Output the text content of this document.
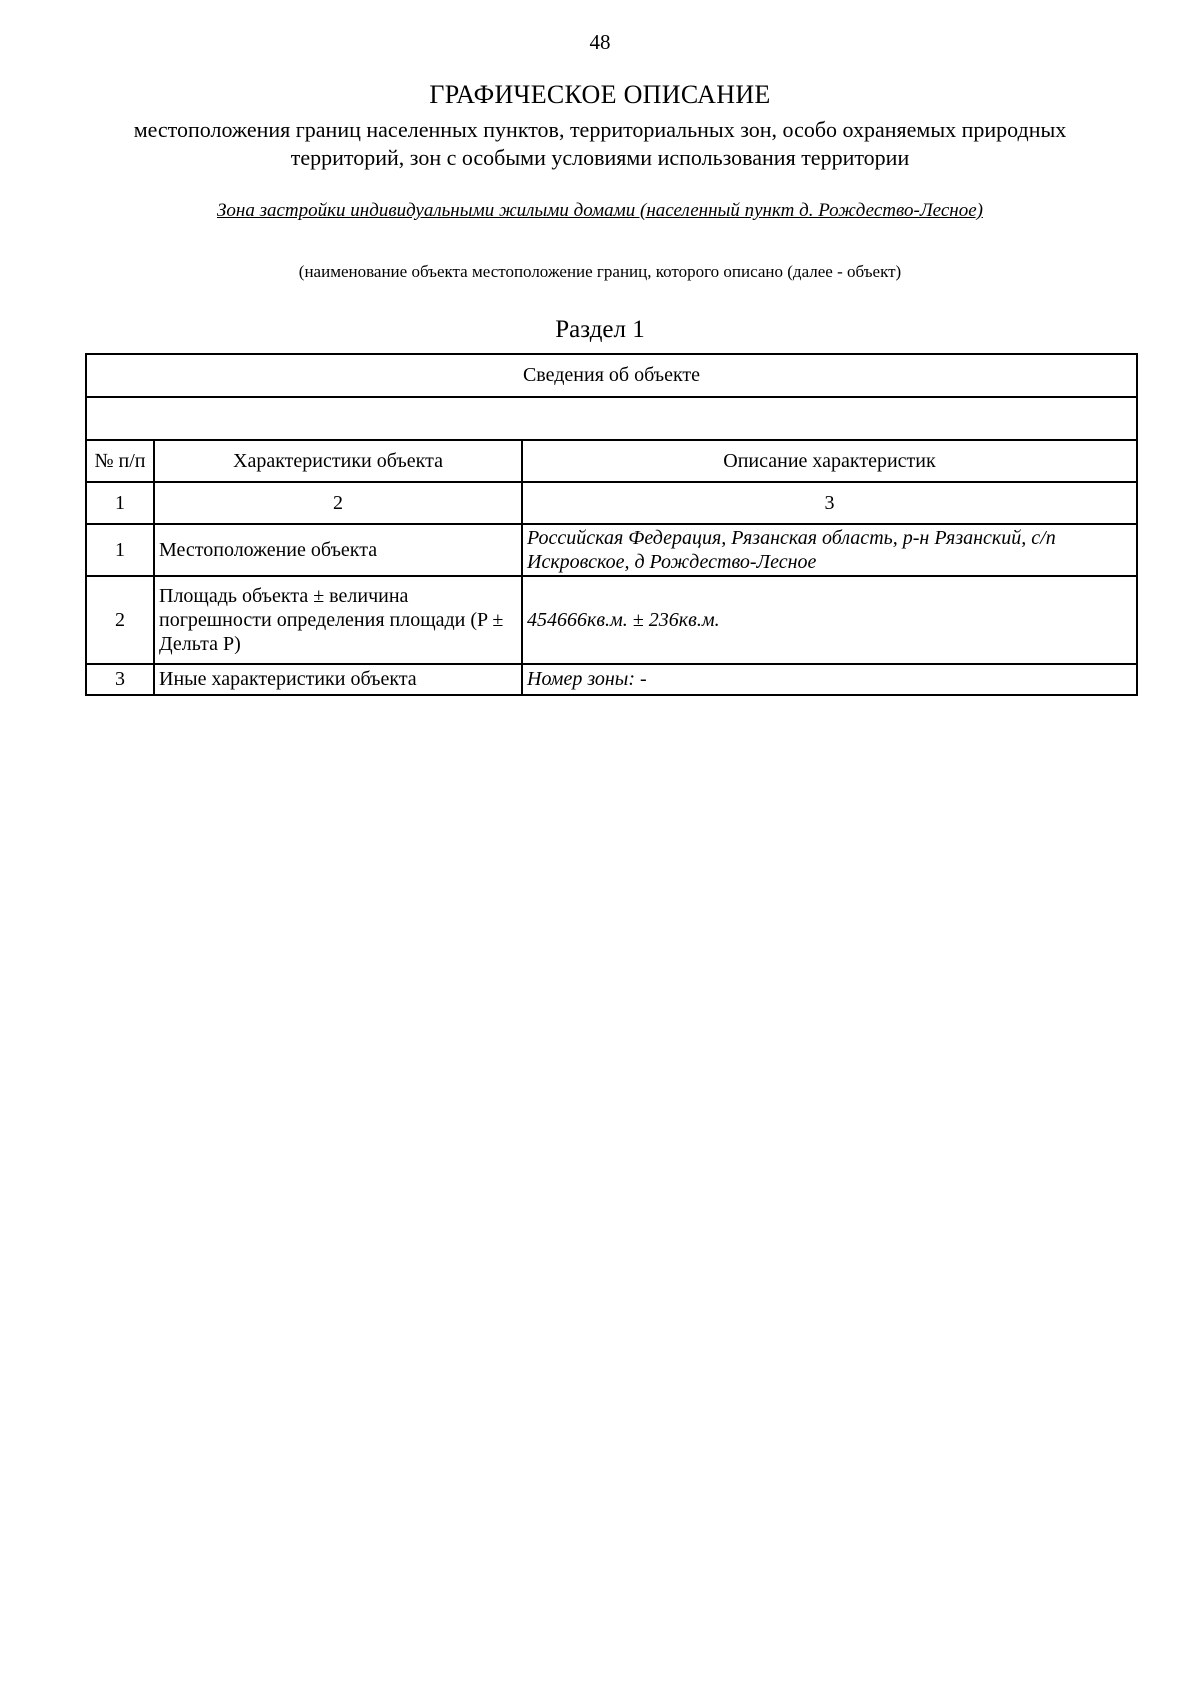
48
ГРАФИЧЕСКОЕ ОПИСАНИЕ
местоположения границ населенных пунктов, территориальных зон, особо охраняемых природных территорий, зон с особыми условиями использования территории
Зона застройки индивидуальными жилыми домами (населенный пункт д. Рождество-Лесное)
(наименование объекта местоположение границ, которого описано (далее - объект)
Раздел 1
Сведения об объекте		

№ п/п	Характеристики объекта	Описание характеристик
1	2	3
1	Местоположение объекта	Российская Федерация, Рязанская область, р-н Рязанский, с/п Искровское, д Рождество-Лесное
2	Площадь объекта ± величина погрешности определения площади (P ± Дельта P)	454666кв.м. ± 236кв.м.
3	Иные характеристики объекта	Номер зоны: -
